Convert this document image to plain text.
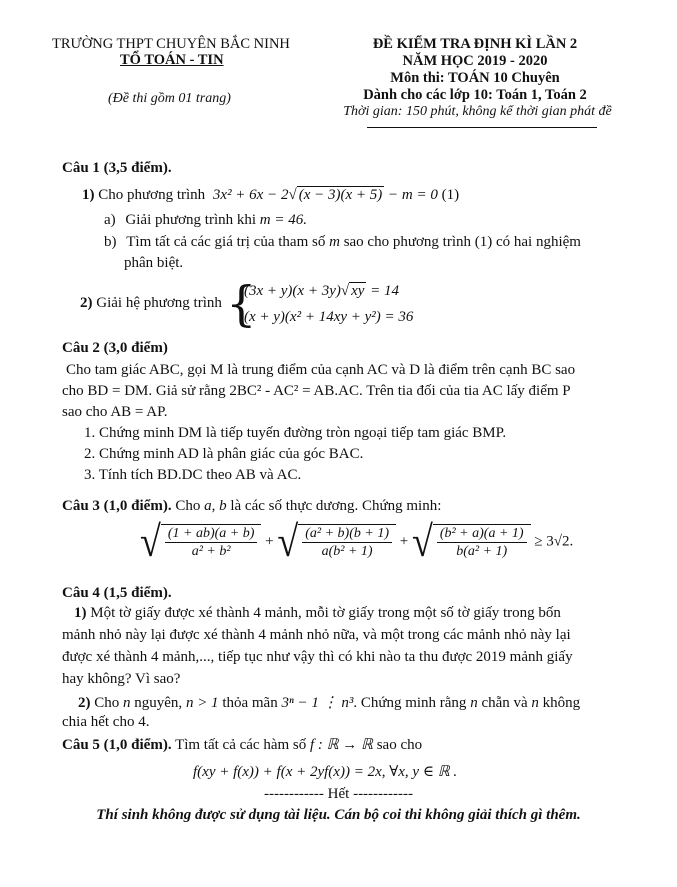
TRƯỜNG THPT CHUYÊN BẮC NINH
TỔ TOÁN - TIN
(Đề thi gồm 01 trang)
ĐỀ KIỂM TRA ĐỊNH KÌ LẦN 2
NĂM HỌC 2019 - 2020
Môn thi: TOÁN 10 Chuyên
Dành cho các lớp 10: Toán 1, Toán 2
Thời gian: 150 phút, không kể thời gian phát đề
Câu 1 (3,5 điểm).
1) Cho phương trình 3x² + 6x − 2√ (x − 3)(x + 5) − m = 0 (1)
a) Giải phương trình khi m = 46.
b) Tìm tất cả các giá trị của tham số m sao cho phương trình (1) có hai nghiệm
phân biệt.
2) Giải hệ phương trình {
(3x + y)(x + 3y)√ xy = 14
(x + y)(x² + 14xy + y²) = 36
Câu 2 (3,0 điểm)
Cho tam giác ABC, gọi M là trung điểm của cạnh AC và D là điểm trên cạnh BC sao
cho BD = DM. Giả sử rằng 2BC² - AC² = AB.AC. Trên tia đối của tia AC lấy điểm P
sao cho AB = AP.
1. Chứng minh DM là tiếp tuyến đường tròn ngoại tiếp tam giác BMP.
2. Chứng minh AD là phân giác của góc BAC.
3. Tính tích BD.DC theo AB và AC.
Câu 3 (1,0 điểm). Cho a, b là các số thực dương. Chứng minh:
√ $\frac{(1 + ab)(a + b)}{\text{a² + b²}}$ + √ $\frac{\text{(a² + b)(b + 1)}}{\text{a(b² + 1)}}$ + √ $\frac{\text{(b² + a)(a + 1)}}{\text{b(a² + 1)}} \ge 3√2$.
Câu 4 (1,5 điểm).
1) Một tờ giấy được xé thành 4 mảnh, mỗi tờ giấy trong một số tờ giấy trong bốn
mảnh nhỏ này lại được xé thành 4 mảnh nhỏ nữa, và một trong các mảnh nhỏ này lại
được xé thành 4 mảnh,..., tiếp tục như vậy thì có khi nào ta thu được 2019 mảnh giấy
hay không? Vì sao?
2) Cho n nguyên, n > 1 thỏa mãn 3ⁿ − 1 ⋮ n³. Chứng minh rằng n chẵn và n không
chia hết cho 4.
Câu 5 (1,0 điểm). Tìm tất cả các hàm số f : ℝ → ℝ sao cho
f(xy + f(x)) + f(x + 2yf(x)) = 2x, ∀x, y ∈ ℝ .
------------ Hết ------------
Thí sinh không được sử dụng tài liệu. Cán bộ coi thi không giải thích gì thêm.
